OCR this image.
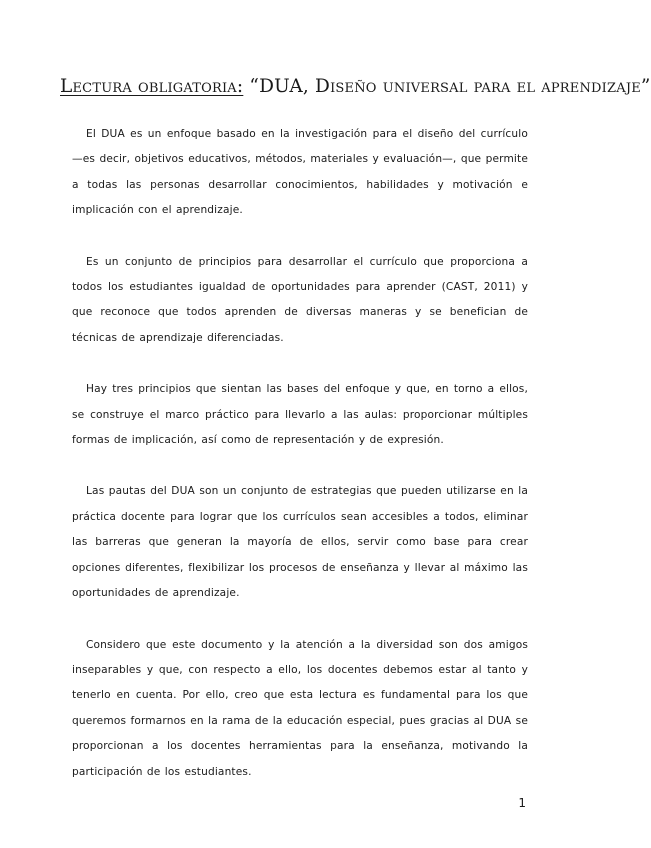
Lectura obligatoria: “DUA, Diseño universal para el aprendizaje”

El DUA es un enfoque basado en la investigación para el diseño del currículo —es decir, objetivos educativos, métodos, materiales y evaluación—, que permite a todas las personas desarrollar conocimientos, habilidades y motivación e implicación con el aprendizaje.

Es un conjunto de principios para desarrollar el currículo que proporciona a todos los estudiantes igualdad de oportunidades para aprender (CAST, 2011) y que reconoce que todos aprenden de diversas maneras y se benefician de técnicas de aprendizaje diferenciadas.

Hay tres principios que sientan las bases del enfoque y que, en torno a ellos, se construye el marco práctico para llevarlo a las aulas: proporcionar múltiples formas de implicación, así como de representación y de expresión.

Las pautas del DUA son un conjunto de estrategias que pueden utilizarse en la práctica docente para lograr que los currículos sean accesibles a todos, eliminar las barreras que generan la mayoría de ellos, servir como base para crear opciones diferentes, flexibilizar los procesos de enseñanza y llevar al máximo las oportunidades de aprendizaje.

Considero que este documento y la atención a la diversidad son dos amigos inseparables y que, con respecto a ello, los docentes debemos estar al tanto y tenerlo en cuenta. Por ello, creo que esta lectura es fundamental para los que queremos formarnos en la rama de la educación especial, pues gracias al DUA se proporcionan a los docentes herramientas para la enseñanza, motivando la participación de los estudiantes.

1
